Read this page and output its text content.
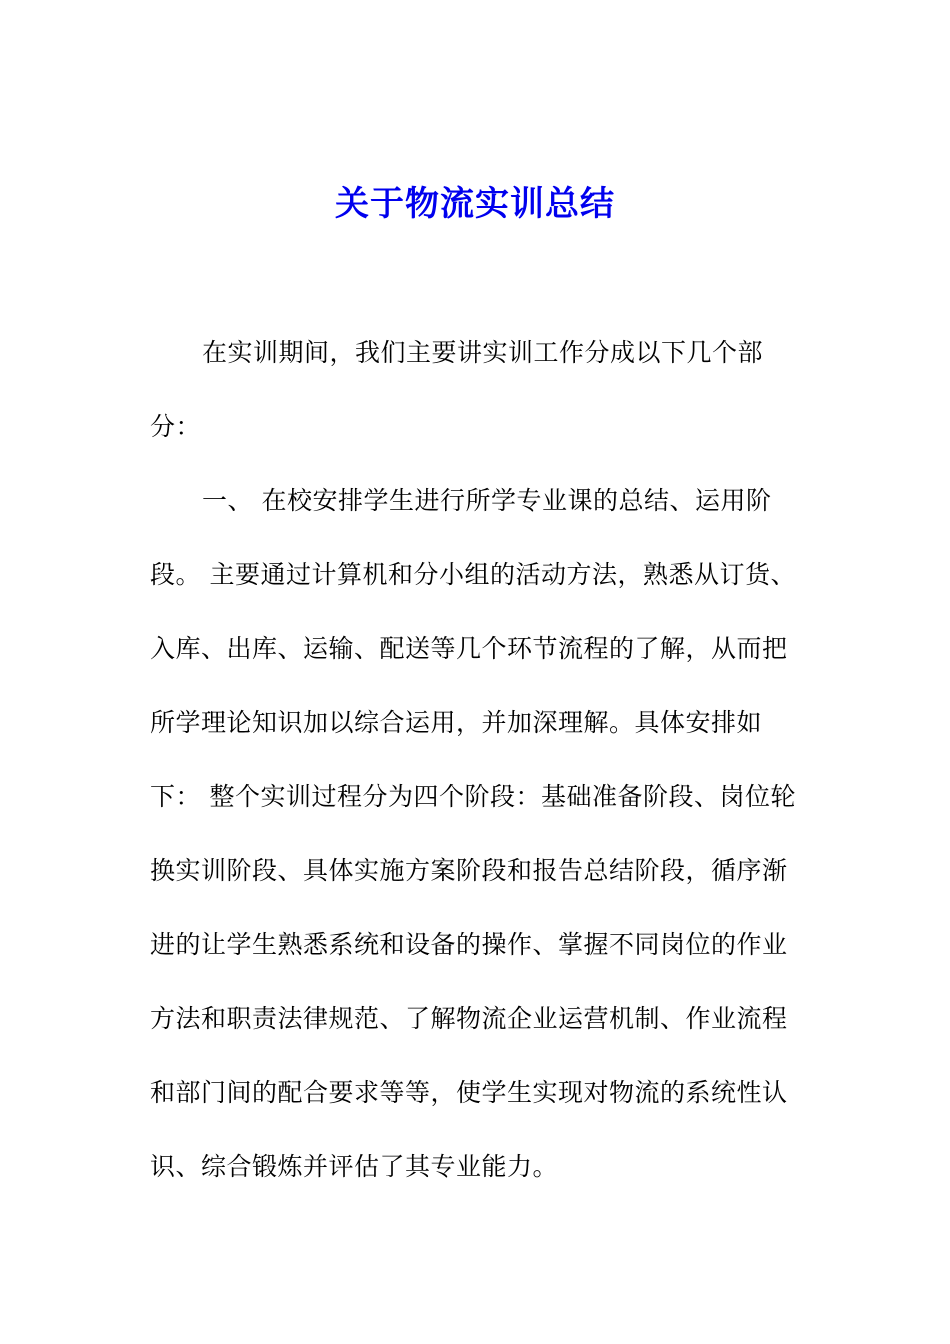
关于物流实训总结
在实训期间，我们主要讲实训工作分成以下几个部
分：
一、 在校安排学生进行所学专业课的总结、运用阶
段。 主要通过计算机和分小组的活动方法，熟悉从订货、
入库、出库、运输、配送等几个环节流程的了解，从而把
所学理论知识加以综合运用，并加深理解。具体安排如
下： 整个实训过程分为四个阶段：基础准备阶段、岗位轮
换实训阶段、具体实施方案阶段和报告总结阶段，循序渐
进的让学生熟悉系统和设备的操作、掌握不同岗位的作业
方法和职责法律规范、了解物流企业运营机制、作业流程
和部门间的配合要求等等，使学生实现对物流的系统性认
识、综合锻炼并评估了其专业能力。
